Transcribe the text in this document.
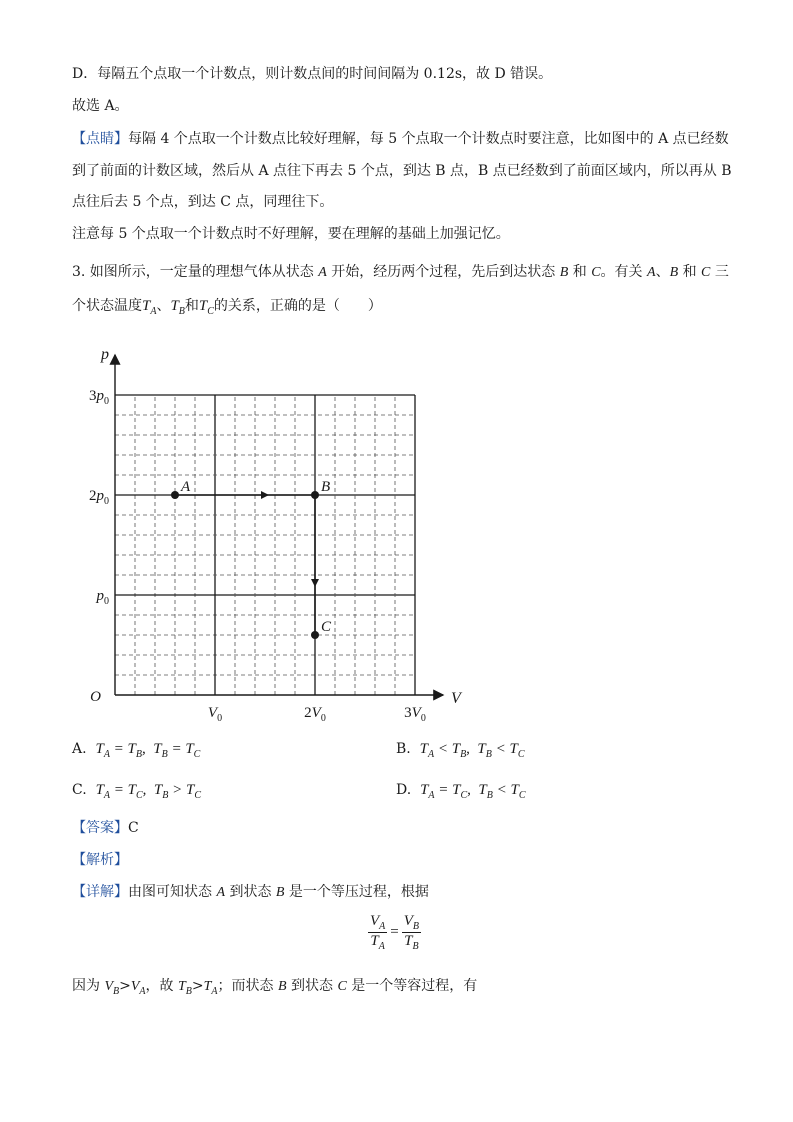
D．每隔五个点取一个计数点，则计数点间的时间间隔为 0.12s，故 D 错误。
故选 A。
【点睛】每隔 4 个点取一个计数点比较好理解，每 5 个点取一个计数点时要注意，比如图中的 A 点已经数
到了前面的计数区域，然后从 A 点往下再去 5 个点，到达 B 点，B 点已经数到了前面区域内，所以再从 B
点往后去 5 个点，到达 C 点，同理往下。
注意每 5 个点取一个计数点时不好理解，要在理解的基础上加强记忆。
3. 如图所示，一定量的理想气体从状态 A 开始，经历两个过程，先后到达状态 B 和 C。有关 A、B 和 C 三
个状态温度$T_A$、$T_B$和$T_C$的关系，正确的是（　　）
$p_0$
$2p_0$
$3p_0$
$V_0$	$2V_0$	$3V_0$
O	V
p
A	B
C
A.  $T_A = T_B$,  $T_B = T_C$	B.  $T_A < T_B$,  $T_B < T_C$
C.  $T_A = T_C$,  $T_B > T_C$	D.  $T_A = T_C$,  $T_B < T_C$
【答案】C
【解析】
【详解】由图可知状态 A 到状态 B 是一个等压过程，根据
$\frac{V_A}{T_A} = \frac{V_B}{T_B}$
因为 $V_B>V_A$，故 $T_B>T_A$；而状态 B 到状态 C 是一个等容过程，有
